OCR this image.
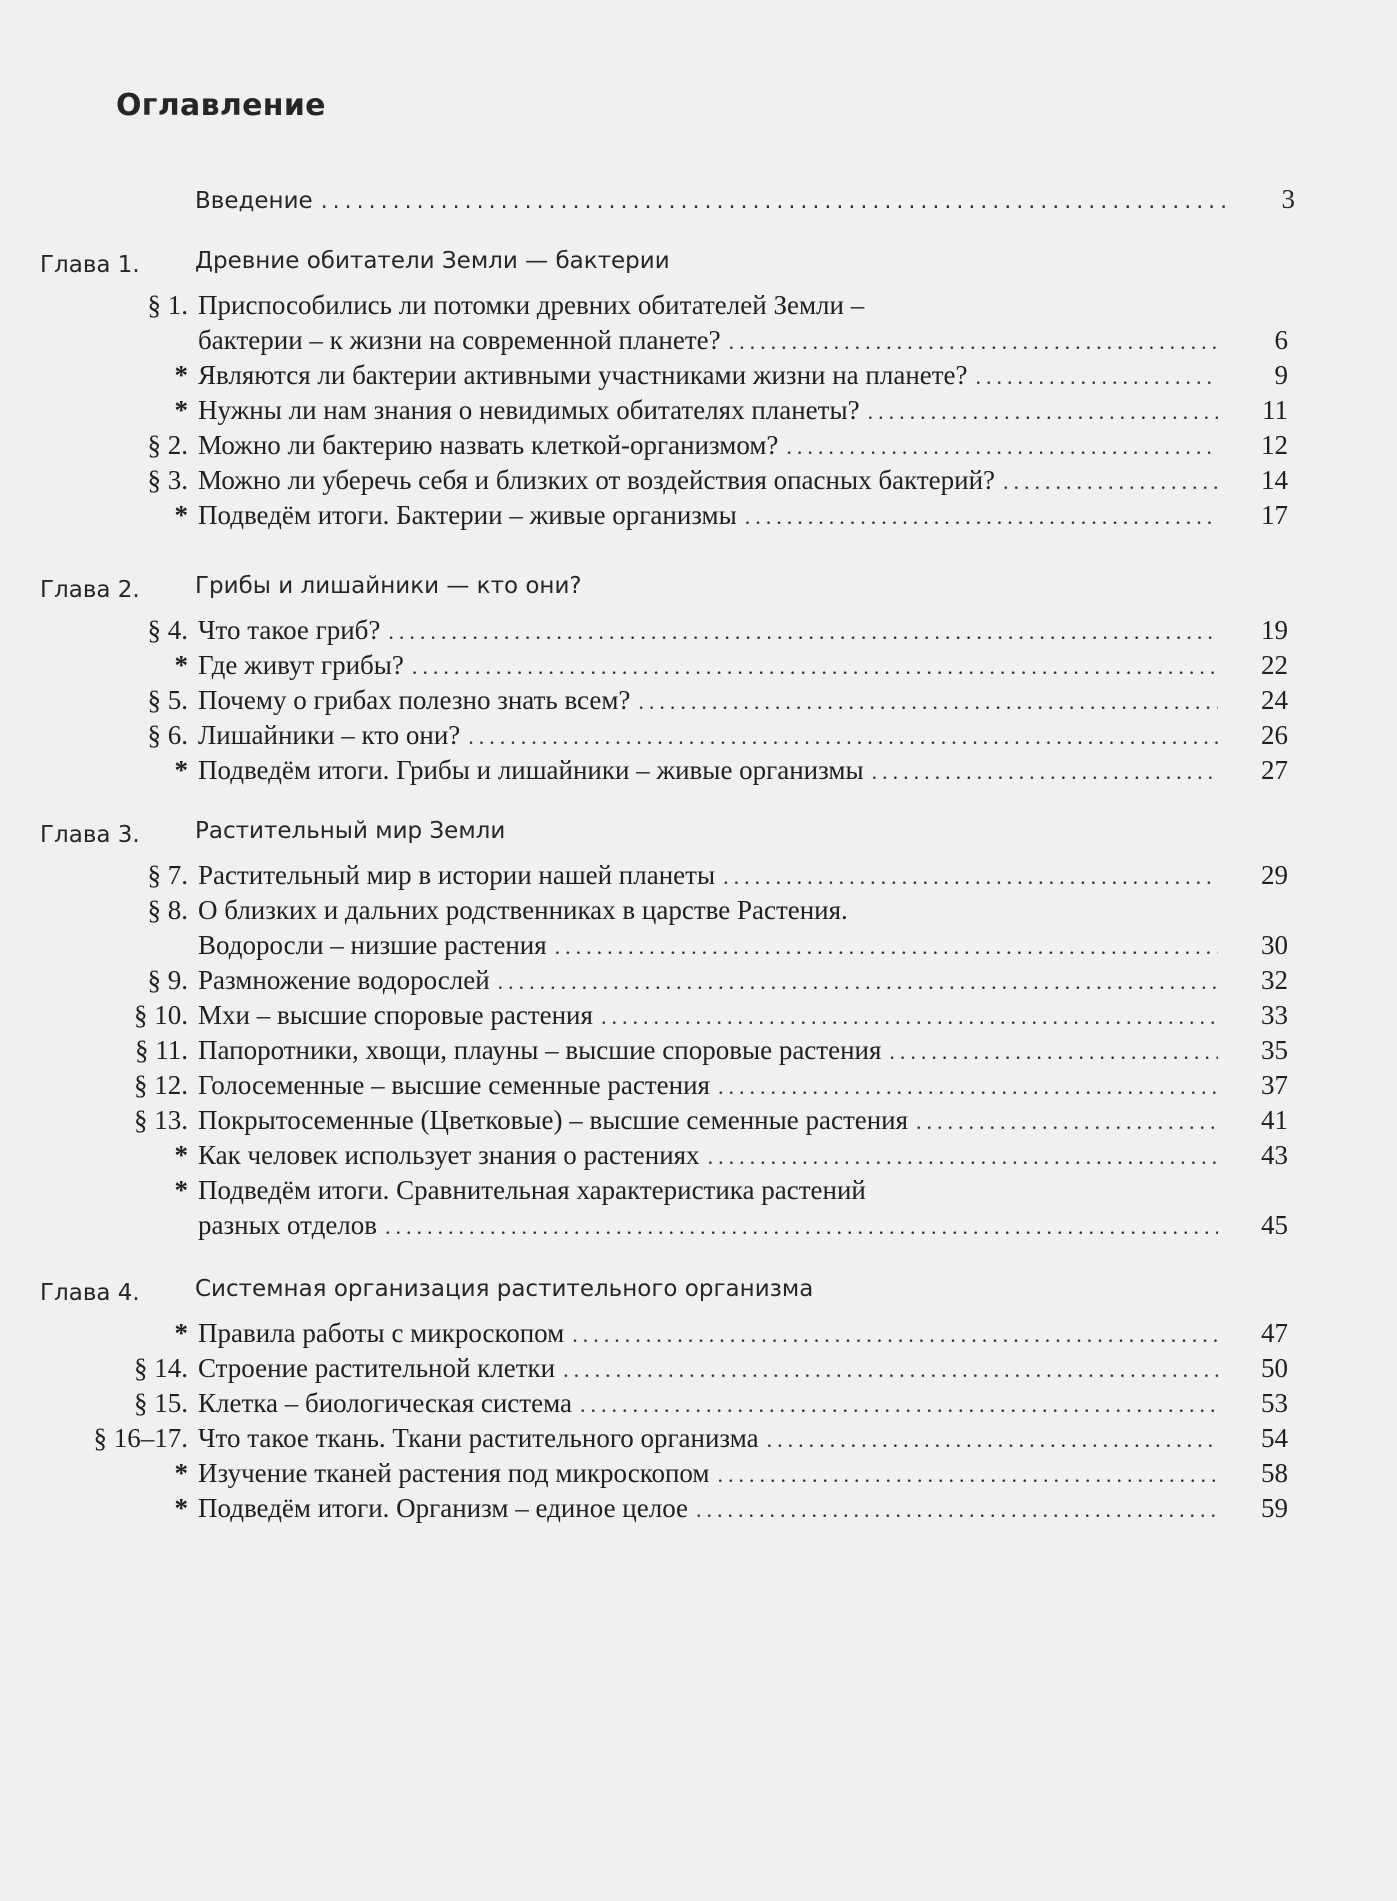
Оглавление
Введение .....	3
Глава 1. Древние обитатели Земли — бактерии
§ 1. Приспособились ли потомки древних обитателей Земли –
бактерии – к жизни на современной планете? .....	6
* Являются ли бактерии активными участниками жизни на планете? .....	9
* Нужны ли нам знания о невидимых обитателях планеты? .....	11
§ 2. Можно ли бактерию назвать клеткой-организмом? .....	12
§ 3. Можно ли уберечь себя и близких от воздействия опасных бактерий? .....	14
* Подведём итоги. Бактерии – живые организмы .....	17
Глава 2. Грибы и лишайники — кто они?
§ 4. Что такое гриб? .....	19
* Где живут грибы? .....	22
§ 5. Почему о грибах полезно знать всем? .....	24
§ 6. Лишайники – кто они? .....	26
* Подведём итоги. Грибы и лишайники – живые организмы .....	27
Глава 3. Растительный мир Земли
§ 7. Растительный мир в истории нашей планеты .....	29
§ 8. О близких и дальних родственниках в царстве Растения.
Водоросли – низшие растения .....	30
§ 9. Размножение водорослей .....	32
§ 10. Мхи – высшие споровые растения .....	33
§ 11. Папоротники, хвощи, плауны – высшие споровые растения .....	35
§ 12. Голосеменные – высшие семенные растения .....	37
§ 13. Покрытосеменные (Цветковые) – высшие семенные растения .....	41
* Как человек использует знания о растениях .....	43
* Подведём итоги. Сравнительная характеристика растений
разных отделов .....	45
Глава 4. Системная организация растительного организма
* Правила работы с микроскопом .....	47
§ 14. Строение растительной клетки .....	50
§ 15. Клетка – биологическая система .....	53
§ 16–17. Что такое ткань. Ткани растительного организма .....	54
* Изучение тканей растения под микроскопом .....	58
* Подведём итоги. Организм – единое целое .....	59
